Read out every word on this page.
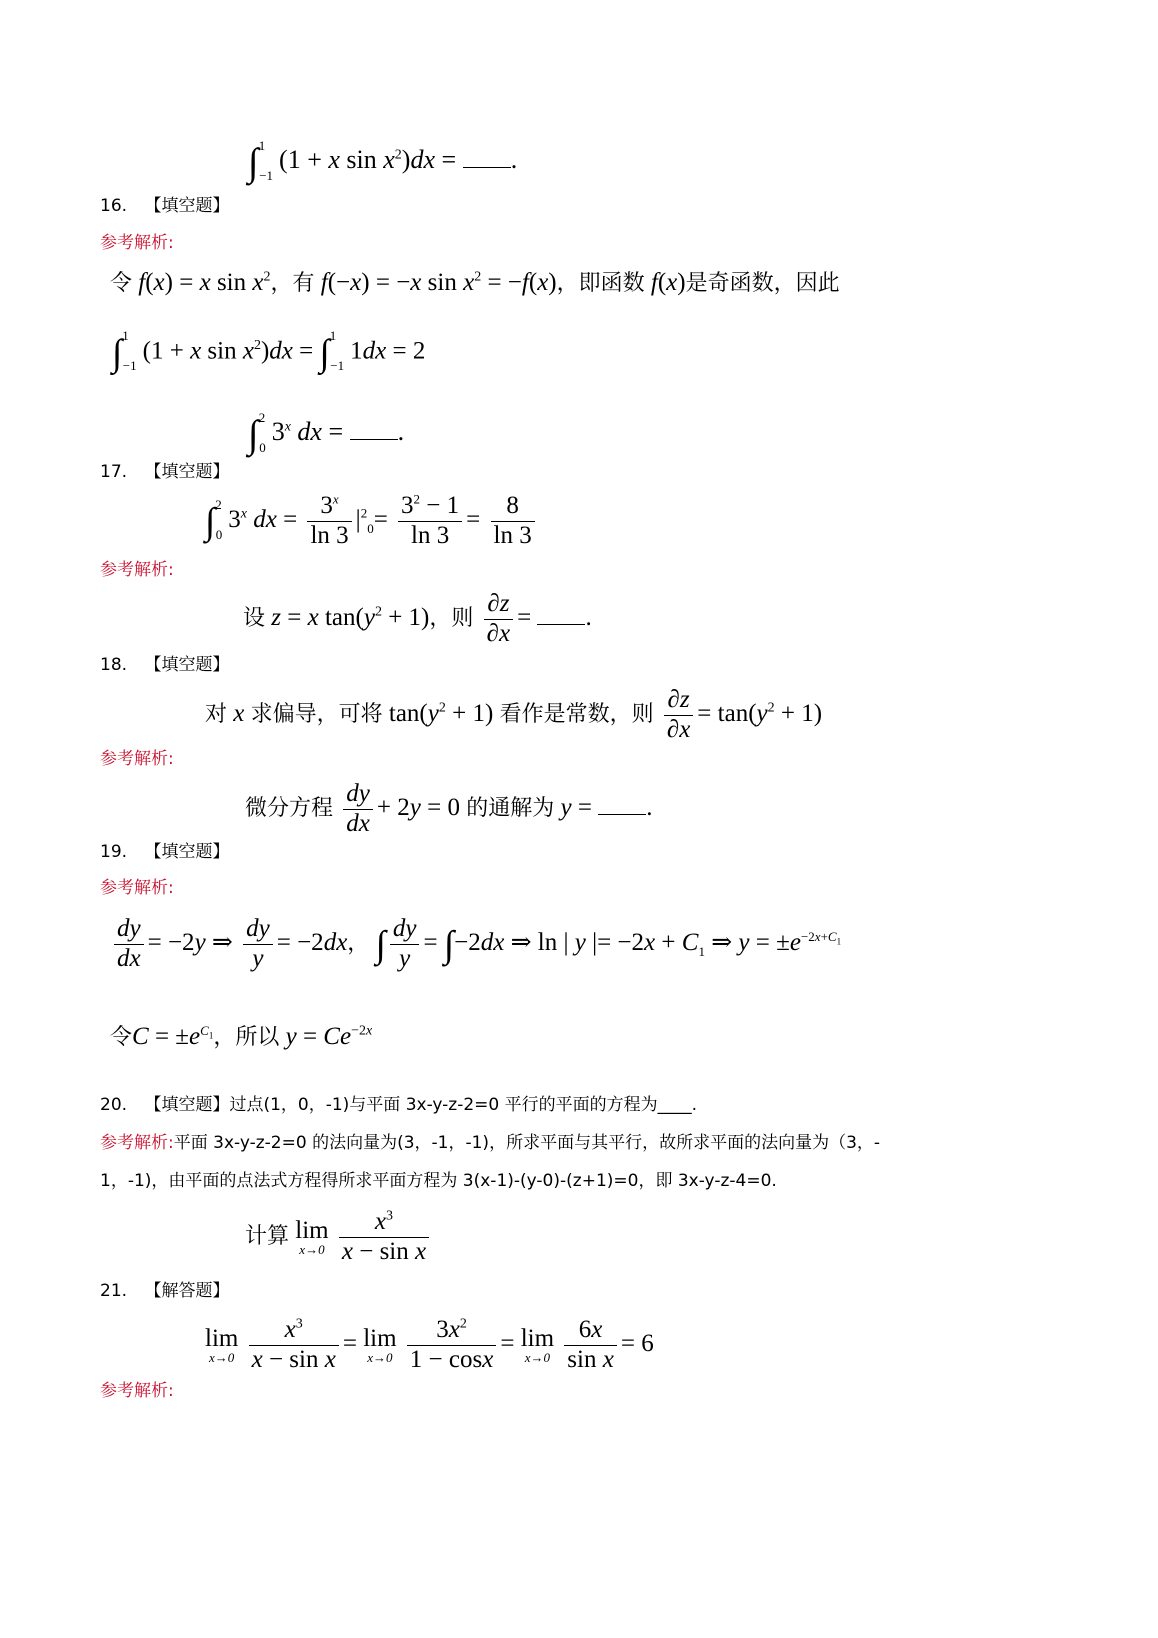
∫$^1_{-1}$(1 + x $\sin x^2)dx$ = .
16. 【填空题】
参考解析:
令 f(x) = x $\sin x^2$，有 f(−x) = −x $\sin x^2 = -f(x)$，即函数 f(x)是奇函数，因此
∫$^1_{-1}$(1 + x $\sin x^2)dx = \int^1_{-1}1dx = 2$
$\int^2_03^x$ dx = .
17. 【填空题】
$\int^2_03^x$ dx = $\frac{3^x}{\ln 3} |^2_0= \frac{3^2 - 1}{\ln 3} = \frac{8}{\ln 3}$
参考解析:
设 z = x $\tan(y^2 + 1)$，则 $\frac{\partial z}{\partial x}$ = .
18. 【填空题】
对 x 求偏导，可将 $\tan(y^2 + 1)$ 看作是常数，则 $\frac{\partial z}{\partial x} = \tan(y^2 + 1)$
参考解析:
微分方程 $\frac{dy}{dx} + 2y = 0$ 的通解为 y = .
19. 【填空题】
参考解析:
$\frac{dy}{dx} = -2y$ ⇒ $\frac{dy}{y} = -2dx$， ∫ $\frac{dy}{y} = \int-2dx$ ⇒ ln | y |= $-2x + C_1$ ⇒ $y = \pm e^{-2x+C_1}$
令$C = \pm e^{C_1}$，所以 $y = Ce^{-2x}$
20. 【填空题】过点(1，0，-1)与平面 3x-y-z-2=0 平行的平面的方程为____.
参考解析:平面 3x-y-z-2=0 的法向量为(3，-1，-1)，所求平面与其平行，故所求平面的法向量为（3，-
1，-1)，由平面的点法式方程得所求平面方程为 3(x-1)-(y-0)-(z+1)=0，即 3x-y-z-4=0.
计算 lim
x→0
$\frac{x^3}{\text{x − sin x}}$
21. 【解答题】
lim
x→0
$\frac{x^3}{\text{x − sin x}} = \lim$
x→0
$\frac{3x^2}{1 - \cos x} = \lim$
x→0
$\frac{6x}{\text{sin x}} = 6$
参考解析:
